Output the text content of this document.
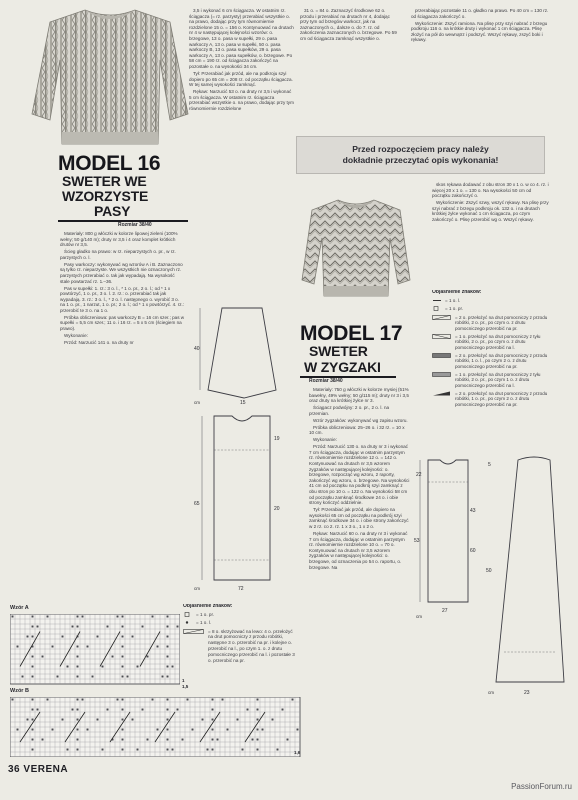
MODEL 16
SWETER WE
WZORZYSTE
PASY
Rozmiar 38/40

Materiały: 800 g włóczki w kolorze lipowej zieleni (100% wełny; 50 g/140 m); druty nr 3,5 i 4 oraz komplet krótkich drutów nr 3,5.

Ścieg gładko na prawo: w rz. nieparzystych o. pr., w rz. parzystych o. l.

Pasy warkoczy: wykonywać wg wzorów A i B. Zaznaczono są tylko rz. nieparzyste. We wszystkich nie oznaczonych rz. parzystych przerabiać o. tak jak wypadają. Na wysokość stale powtarzać rz. 1.–36.

Pas w supełki: 1. rz.: 3 o. l., * 1 o. pr., 2 o. l.; od * 1 x powtórzyć, 1 o. pr., 3 o. l. 2. rz.: o. przerabiać tak jak wypadają. 3. rz.: 3 o. l., * 2 o. l. następnego o. wyrobić 3 o. na 1 o. pr., 1 narzut, 1 o. pr.; 2 o. l.; od * 1 x powtórzyć. 4. rz.: przerobić te 3 o. na 1 o.

Próbka obliczeniowa: pas warkoczy B = 16 cm szer.; pas w supełki = 5,5 cm szer.; 11 o. i 16 rz. = 5 x 5 cm (ściegiem na prawo).

Wykonanie:

Przód: Narzucić 141 o. na druty nr

3,5 i wykonać 6 cm ściągacza. W ostatnim rz. ściągacza (= rz. parzysty) przerabiać wszystkie o. na prawo, dodając przy tym równomiernie rozdzielone 15 o. = 156 o. Kontynuować na drutach nr 4 w następującej kolejności wzorów: o. brzegowe, 13 o. pasa w supełki, 29 o. pasa warkoczy A, 13 o. pasa w supełki, 50 o. pasa warkoczy B, 13 o. pasa supełków, 29 o. pasa warkoczy A, 13 o. pasa supełków, o. brzegowe. Po 58 cm = 190 rz. od ściągacza zakończyć na pozostałe o. na wysokości 34 cm.

Tył: Przerabiać jak przód, ale na podkroju szyi dopiero po 65 cm = 208 rz. od początku ściągacza. W tej samej wysokości zamknąć.

Rękaw: Narzucić 53 o. na druty nr 3,5 i wykonać 5 cm ściągacza. W ostatnim rz. ściągacza przerabiać wszystkie o. na prawo, dodając przy tym równomiernie rozdzielone

31 o. = 84 o. Zaznaczyć środkowe 62 o. przodu i przerabiać na drutach nr 4, dodając przy tym od brzegów warkocz, jak na zaznaczonych o., dalsze o. do 7. rz. od zakończenia zaznaczonych o. brzegowe. Po 59 cm od ściągacza zamknąć wszystkie o.

przerabiając pozostałe 11 o. gładko na prawo. Po 40 cm = 130 rz. od ściągacza zakończyć o.

Wykończenie: Zszyć ramiona. Na plisę przy szyi nabrać z brzegu podkroju 116 o. na krótkie druty i wykonać 1 cm ściągacza. Plisę złożyć na pół do wewnątrz i podszyć. Wszyć rękawy, zszyć boki i rękawy.

Przed rozpoczęciem pracy należy
dokładnie przeczytać opis wykonania!
40
15
cm
19
65
20
72
cm

skos rękawa dodawać z obu stron 30 x 1 o. w co 4. rz. i więcej 20 x 1 o. = 130 o. Na wysokości 50 cm od początku zakończyć o.

Wykończenie: Zszyć szwy, wszyć rękawy. Na plisę przy szyi nabrać z brzegu podkroju ok. 132 o. i na drutach krótkiej żyłce wykonać 1 cm ściągacza, po czym zakończyć o. Plisę przerobić wg o. Wszyć rękawy.

MODEL 17
SWETER
W ZYGZAKI
Rozmiar 38/40

Materiały: 750 g włóczki w kolorze mysiej (51% bawełny, 49% wełny; 50 g/115 m); druty nr 3 i 3,5 oraz druty na krótkiej żyłce nr 3.

Ściągacz podwójny: 2 o. pr., 2 o. l. na przemian.

Wzór zygzaków: wykonywać wg zapisu wzoru.

Próbka obliczeniowa: 25–26 o. i 32 rz. = 10 x 10 cm.

Wykonanie:

Przód: Narzucić 130 o. na druty nr 3 i wykonać 7 cm ściągacza, dodając w ostatnim parzystym rz. równomiernie rozdzielone 12 o. = 142 o. Kontynuować na drutach nr 3,5 wzorem zygzaków w następującej kolejności: o. brzegowe, rozpocząć wg wzoru, 2 raporty, zakończyć wg wzoru, o. brzegowe. Na wysokości 41 cm od początku na podkrój szyi zamknąć z obu stron po 10 o. = 122 o. Na wysokości 58 cm od początku zamknąć środkowe 24 o. i obie strony kończyć oddzielnie.

Tył: Przerabiać jak przód, ale dopiero na wysokości 65 cm od początku na podkrój szyi zamknąć środkowe 34 o. i obie strony zakończyć w 2 rz. co 2. rz. 1 x 3 o., 1 x 2 o.

Rękaw: Narzucić 60 o. na druty nr 3 i wykonać 7 cm ściągacza, dodając w ostatnim parzystym rz. równomiernie rozdzielone 10 o. = 70 o. Kontynuować na drutach nr 3,5 wzorem zygzaków w następującej kolejności: o. brzegowe, od oznaczenia po 54 o. raportu, o. brzegowe. Na

Objaśnienie znaków:
= 1 o. l.
= 1 o. pr.
= 2 o. przełożyć na drut pomocniczy z przodu robótki, 2 o. pr., po czym o. z drutu pomocniczego przerobić na pr.
= 1 o. przełożyć na drut pomocniczy z tyłu robótki, 2 o. pr., po czym o. z drutu pomocniczego przerobić na l.
= 2 o. przełożyć na drut pomocniczy z przodu robótki, 1 o. l., po czym 2 o. z drutu pomocniczego przerobić na pr.
= 1 o. przełożyć na drut pomocniczy z tyłu robótki, 2 o. pr., po czym 1 o. z drutu pomocniczego przerobić na l.
= 2 o. przełożyć na drut pomocniczy z przodu robótki, 1 o. pr., po czym 2 o. z drutu pomocniczego przerobić na pr.
22
43
60
53
27
cm
5
50
23
cm
Objaśnienie znaków:
= 1 o. pr.
= 1 o. l.
= 8 o. skrzyżować na lewo: 4 o. przełożyć na drut pomocniczy z przodu robótki, następne 3 o. przerobić na pr. i kolejne o. przerobić na l., po czym 1. o. z drutu pomocniczego przerobić na l. i pozostałe 3 o. przerobić na pr.
Wzór A
1
1,5
Wzór B
1,6
36 VERENA
PassionForum.ru
